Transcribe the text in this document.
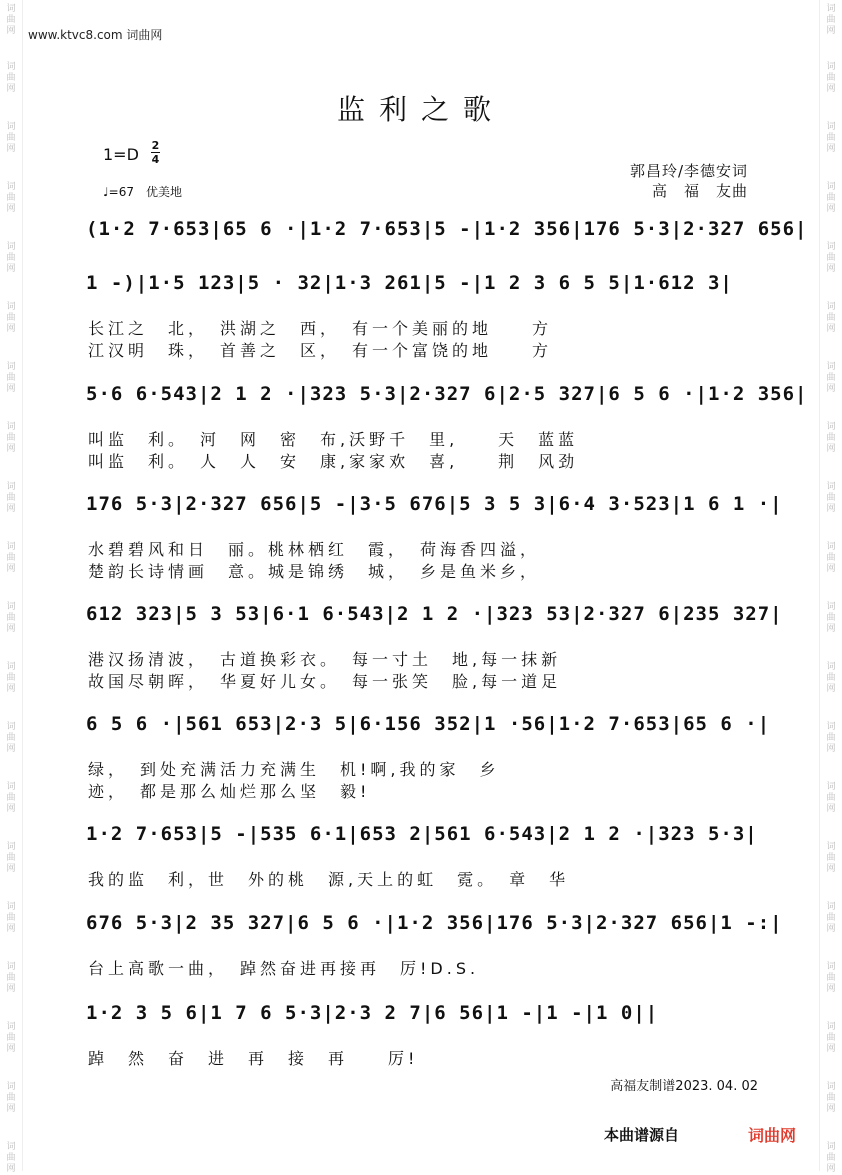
词曲网
词曲网
词曲网
词曲网
词曲网
词曲网
词曲网
词曲网
词曲网
词曲网
词曲网
词曲网
词曲网
词曲网
词曲网
词曲网
词曲网
词曲网
词曲网
词曲网
词曲网
词曲网
词曲网
词曲网
词曲网
词曲网
词曲网
词曲网
词曲网
词曲网
词曲网
词曲网
词曲网
词曲网
词曲网
词曲网
词曲网
词曲网
词曲网
词曲网
www.ktvc8.com 词曲网
监利之歌
1=D 2
4
♩=67　优美地
郭昌玲/李德安词
高　福　友曲
(1·2 7·653|65 6 ·|1·2 7·653|5 -|1·2 356|176 5·3|2·327 656|
1 -)|1·5 123|5 · 32|1·3 261|5 -|1 2 3 6 5 5|1·612 3|
长江之　北，　洪湖之　西，　有一个美丽的地　　方
江汉明　珠，　首善之　区，　有一个富饶的地　　方
5·6 6·543|2 1 2 ·|323 5·3|2·327 6|2·5 327|6 5 6 ·|1·2 356|
叫监　利。　河　网　密　布,沃野千　里,　　天　蓝蓝
叫监　利。　人　人　安　康,家家欢　喜,　　荆　风劲
176 5·3|2·327 656|5 -|3·5 676|5 3 5 3|6·4 3·523|1 6 1 ·|
水碧碧风和日　丽。桃林栖红　霞，　荷海香四溢，
楚韵长诗情画　意。城是锦绣　城，　乡是鱼米乡，
612 323|5 3 53|6·1 6·543|2 1 2 ·|323 53|2·327 6|235 327|
港汉扬清波，　古道换彩衣。　每一寸土　地,每一抹新
故国尽朝晖，　华夏好儿女。　每一张笑　脸,每一道足
6 5 6 ·|561 653|2·3 5|6·156 352|1 ·56|1·2 7·653|65 6 ·|
绿，　到处充满活力充满生　机!啊,我的家　乡
迹，　都是那么灿烂那么坚　毅!
1·2 7·653|5 -|535 6·1|653 2|561 6·543|2 1 2 ·|323 5·3|
我的监　利，世　外的桃　源,天上的虹　霓。　章　华
676 5·3|2 35 327|6 5 6 ·|1·2 356|176 5·3|2·327 656|1 -:|
台上高歌一曲，　踔然奋进再接再　厉!D.S.
1·2 3 5 6|1 7 6 5·3|2·3 2 7|6 56|1 -|1 -|1 0||
踔　然　奋　进　再　接　再　　厉!
高福友制谱2023. 04. 02
本曲谱源自	词曲网
